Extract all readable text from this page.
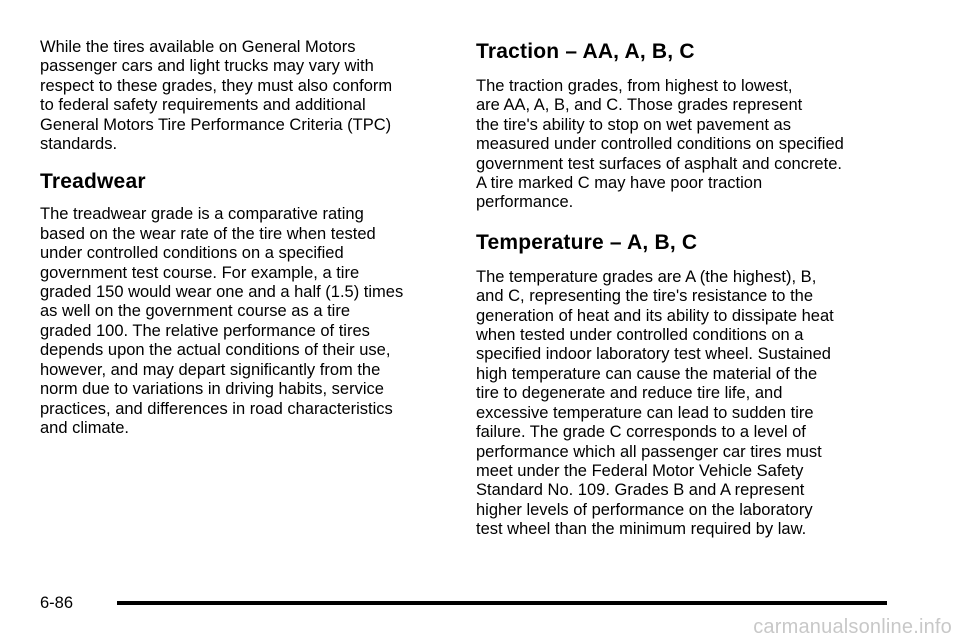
While the tires available on General Motors
passenger cars and light trucks may vary with
respect to these grades, they must also conform
to federal safety requirements and additional
General Motors Tire Performance Criteria (TPC)
standards.

Treadwear

The treadwear grade is a comparative rating
based on the wear rate of the tire when tested
under controlled conditions on a specified
government test course. For example, a tire
graded 150 would wear one and a half (1.5) times
as well on the government course as a tire
graded 100. The relative performance of tires
depends upon the actual conditions of their use,
however, and may depart significantly from the
norm due to variations in driving habits, service
practices, and differences in road characteristics
and climate.

Traction – AA, A, B, C

The traction grades, from highest to lowest,
are AA, A, B, and C. Those grades represent
the tire's ability to stop on wet pavement as
measured under controlled conditions on specified
government test surfaces of asphalt and concrete.
A tire marked C may have poor traction
performance.

Temperature – A, B, C

The temperature grades are A (the highest), B,
and C, representing the tire's resistance to the
generation of heat and its ability to dissipate heat
when tested under controlled conditions on a
specified indoor laboratory test wheel. Sustained
high temperature can cause the material of the
tire to degenerate and reduce tire life, and
excessive temperature can lead to sudden tire
failure. The grade C corresponds to a level of
performance which all passenger car tires must
meet under the Federal Motor Vehicle Safety
Standard No. 109. Grades B and A represent
higher levels of performance on the laboratory
test wheel than the minimum required by law.

6-86
carmanualsonline.info
